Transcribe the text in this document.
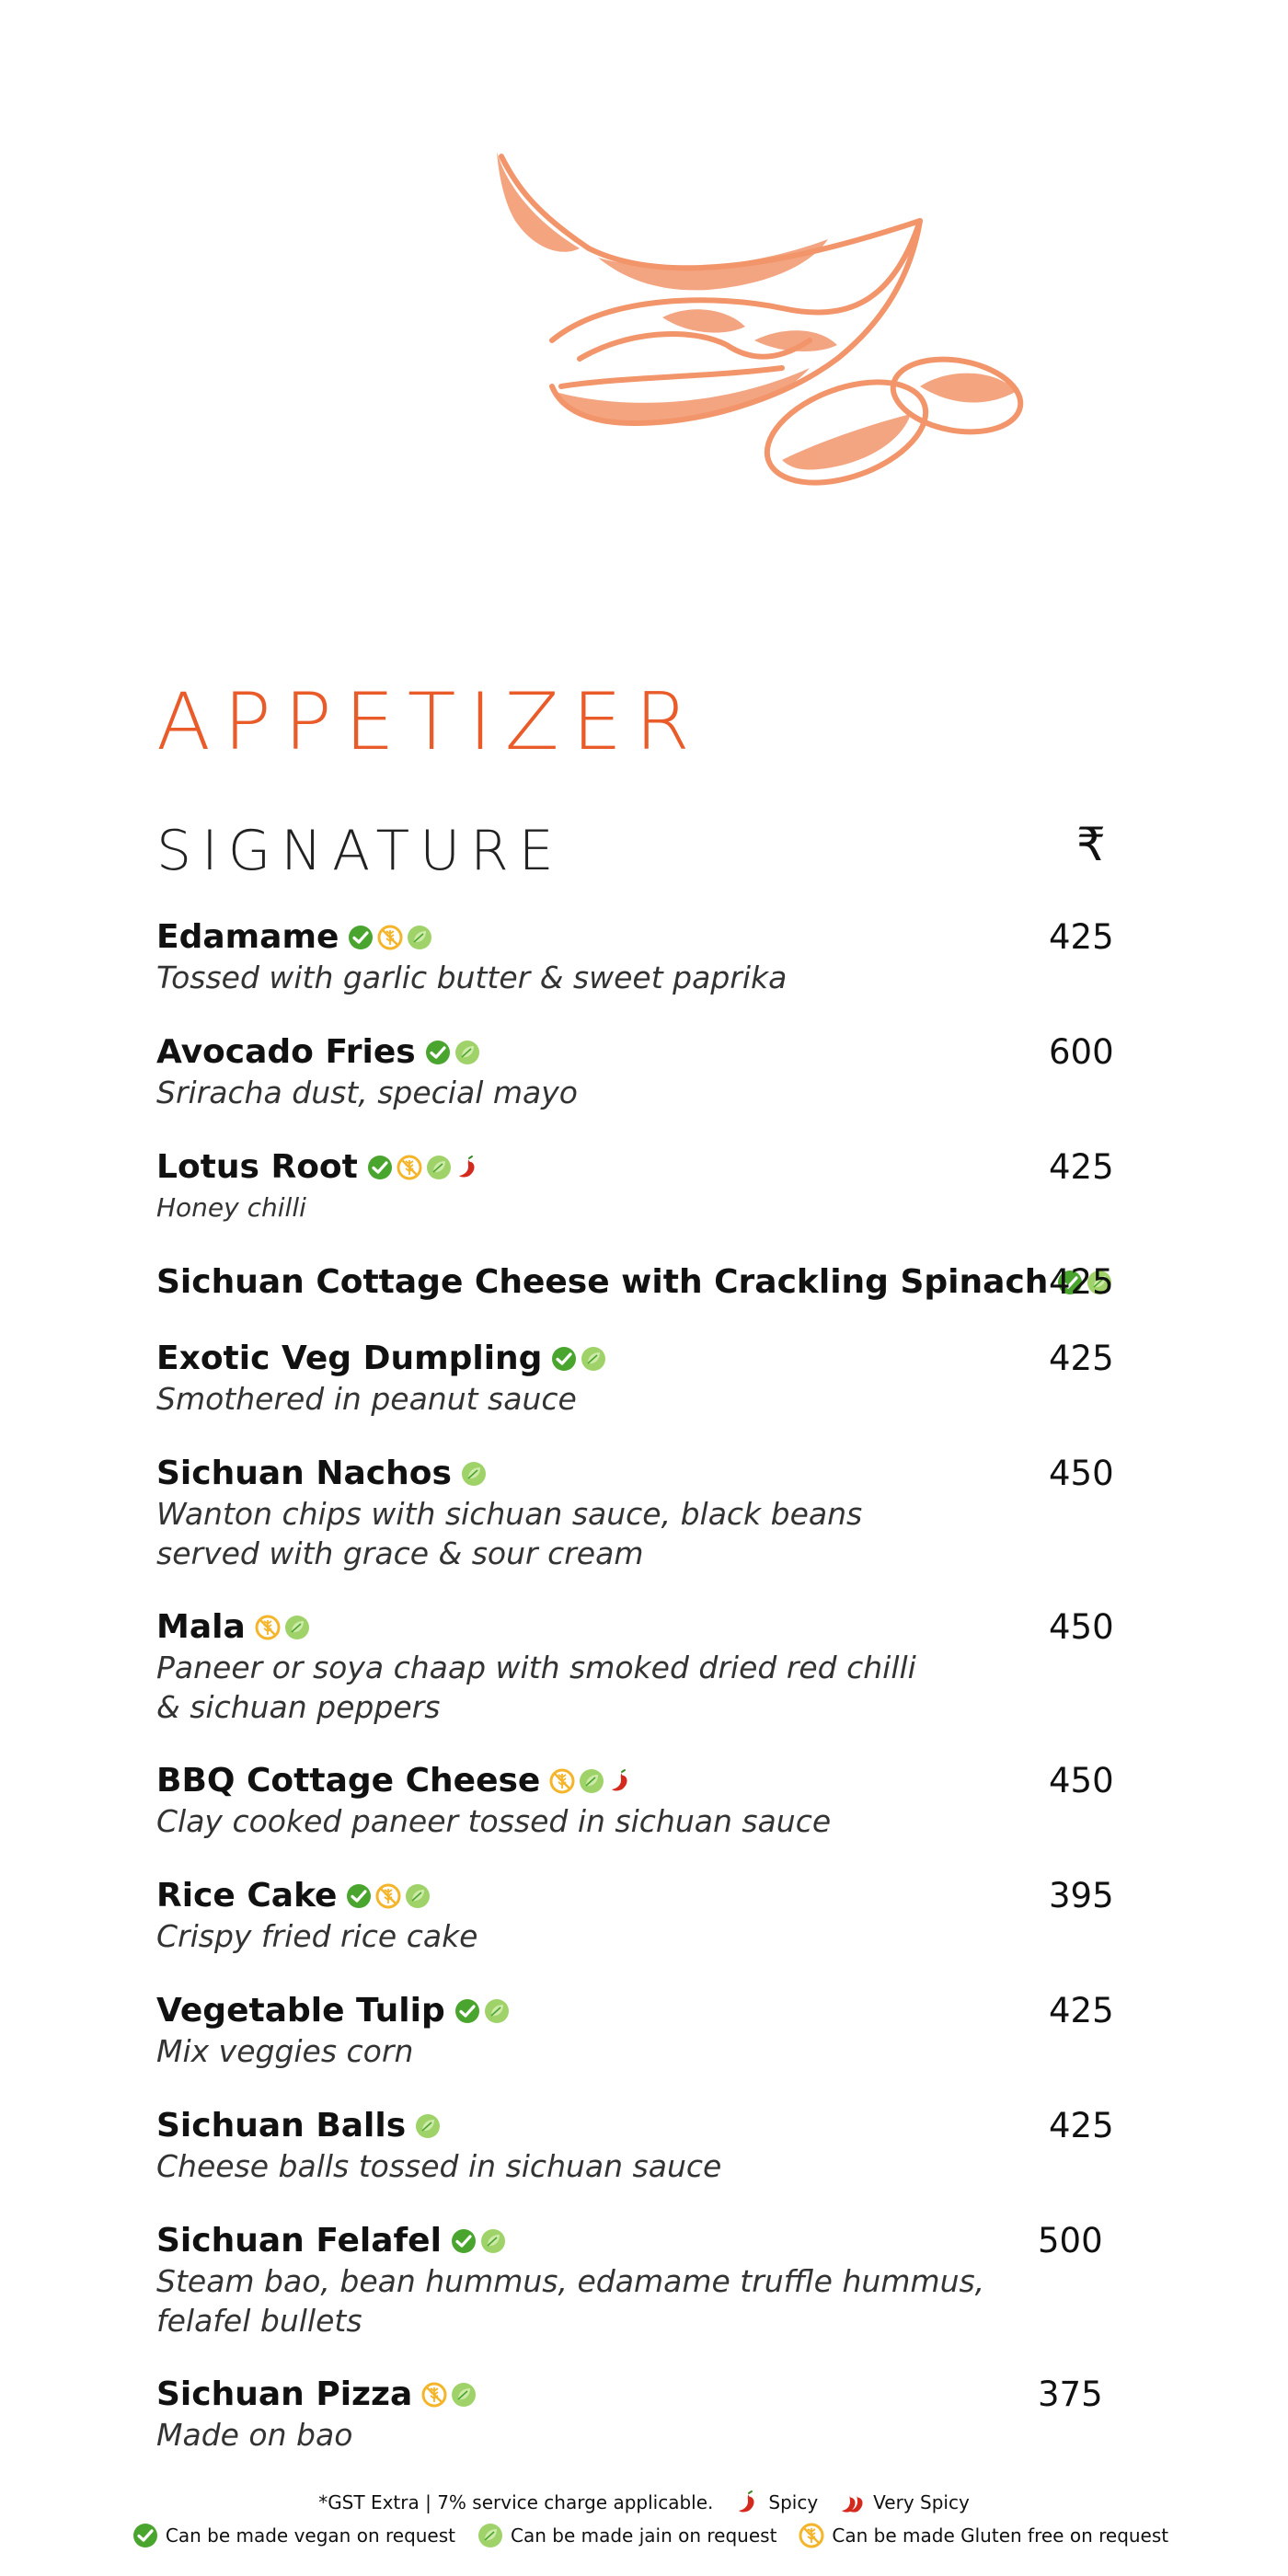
APPETIZER
SIGNATURE	₹
Edamame	425
Tossed with garlic butter & sweet paprika
Avocado Fries	600
Sriracha dust, special mayo
Lotus Root	425
Honey chilli
Sichuan Cottage Cheese with Crackling Spinach 425
Exotic Veg Dumpling	425
Smothered in peanut sauce
Sichuan Nachos	450
Wanton chips with sichuan sauce, black beans
served with grace & sour cream
Mala	450
Paneer or soya chaap with smoked dried red chilli
& sichuan peppers
BBQ Cottage Cheese	450
Clay cooked paneer tossed in sichuan sauce
Rice Cake	395
Crispy fried rice cake
Vegetable Tulip	425
Mix veggies corn
Sichuan Balls	425
Cheese balls tossed in sichuan sauce
Sichuan Felafel	500
Steam bao, bean hummus, edamame truffle hummus,
felafel bullets
Sichuan Pizza	375
Made on bao
*GST Extra | 7% service charge applicable.	Spicy	Very Spicy
Can be made vegan on request	Can be made jain on request	Can be made Gluten free on request
